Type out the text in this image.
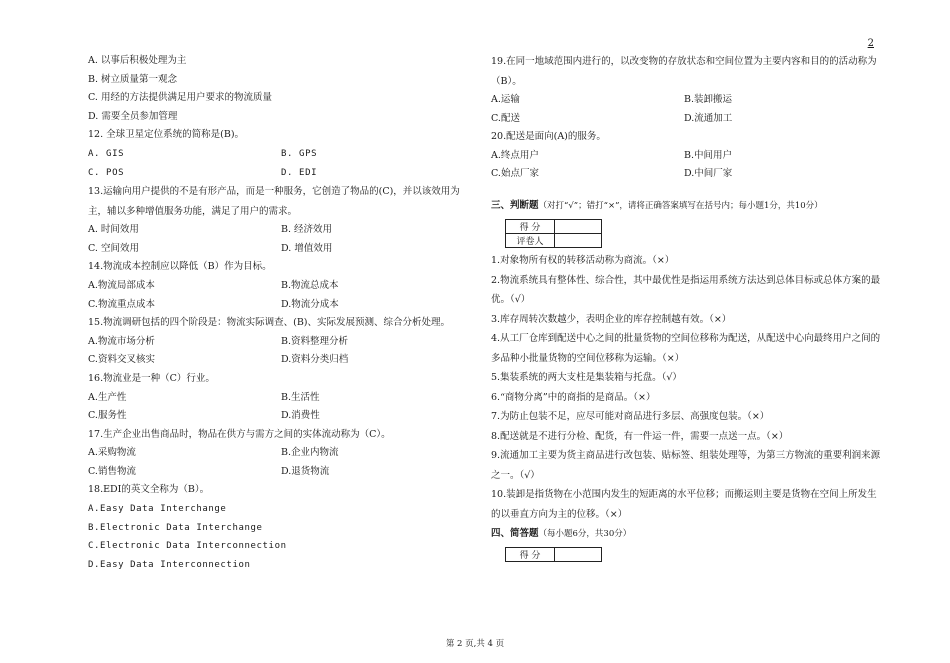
2
A. 以事后积极处理为主
B. 树立质量第一观念
C. 用经的方法提供满足用户要求的物流质量
D. 需要全员参加管理
12. 全球卫星定位系统的简称是(B)。
A. GIS	B. GPS
C. POS	D. EDI
13.运输向用户提供的不是有形产品，而是一种服务，它创造了物品的(C)，并以该效用为主，辅以多种增值服务功能，满足了用户的需求。
A. 时间效用	B. 经济效用
C. 空间效用	D. 增值效用
14.物流成本控制应以降低（B）作为目标。
A.物流局部成本	B.物流总成本
C.物流重点成本	D.物流分成本
15.物流调研包括的四个阶段是：物流实际调查、(B)、实际发展预测、综合分析处理。
A.物流市场分析	B.资料整理分析
C.资料交叉核实	D.资料分类归档
16.物流业是一种（C）行业。
A.生产性	B.生活性
C.服务性	D.消费性
17.生产企业出售商品时，物品在供方与需方之间的实体流动称为（C）。
A.采购物流	B.企业内物流
C.销售物流	D.退货物流
18.EDI的英文全称为（B）。
A.Easy Data Interchange
B.Electronic Data Interchange
C.Electronic Data Interconnection
D.Easy Data Interconnection
19.在同一地域范围内进行的，以改变物的存放状态和空间位置为主要内容和目的的活动称为（B）。
A.运输	B.装卸搬运
C.配送	D.流通加工
20.配送是面向(A)的服务。
A.终点用户	B.中间用户
C.始点厂家	D.中间厂家
三、判断题（对打“√”；错打“×”，请将正确答案填写在括号内；每小题1分，共10分）
得 分	
评卷人	
1.对象物所有权的转移活动称为商流。（×）
2.物流系统具有整体性、综合性，其中最优性是指运用系统方法达到总体目标或总体方案的最优。（√）
3.库存周转次数越少，表明企业的库存控制越有效。（×）
4.从工厂仓库到配送中心之间的批量货物的空间位移称为配送，从配送中心向最终用户之间的多品种小批量货物的空间位移称为运输。（×）
5.集装系统的两大支柱是集装箱与托盘。（√）
6.“商物分离”中的商指的是商品。（×）
7.为防止包装不足，应尽可能对商品进行多层、高强度包装。（×）
8.配送就是不进行分检、配货，有一件运一件，需要一点送一点。（×）
9.流通加工主要为货主商品进行改包装、贴标签、组装处理等，为第三方物流的重要利润来源之一。（√）
10.装卸是指货物在小范围内发生的短距离的水平位移；而搬运则主要是货物在空间上所发生的以垂直方向为主的位移。（×）
四、简答题（每小题6分，共30分）
得 分	
第 2 页,共 4 页
